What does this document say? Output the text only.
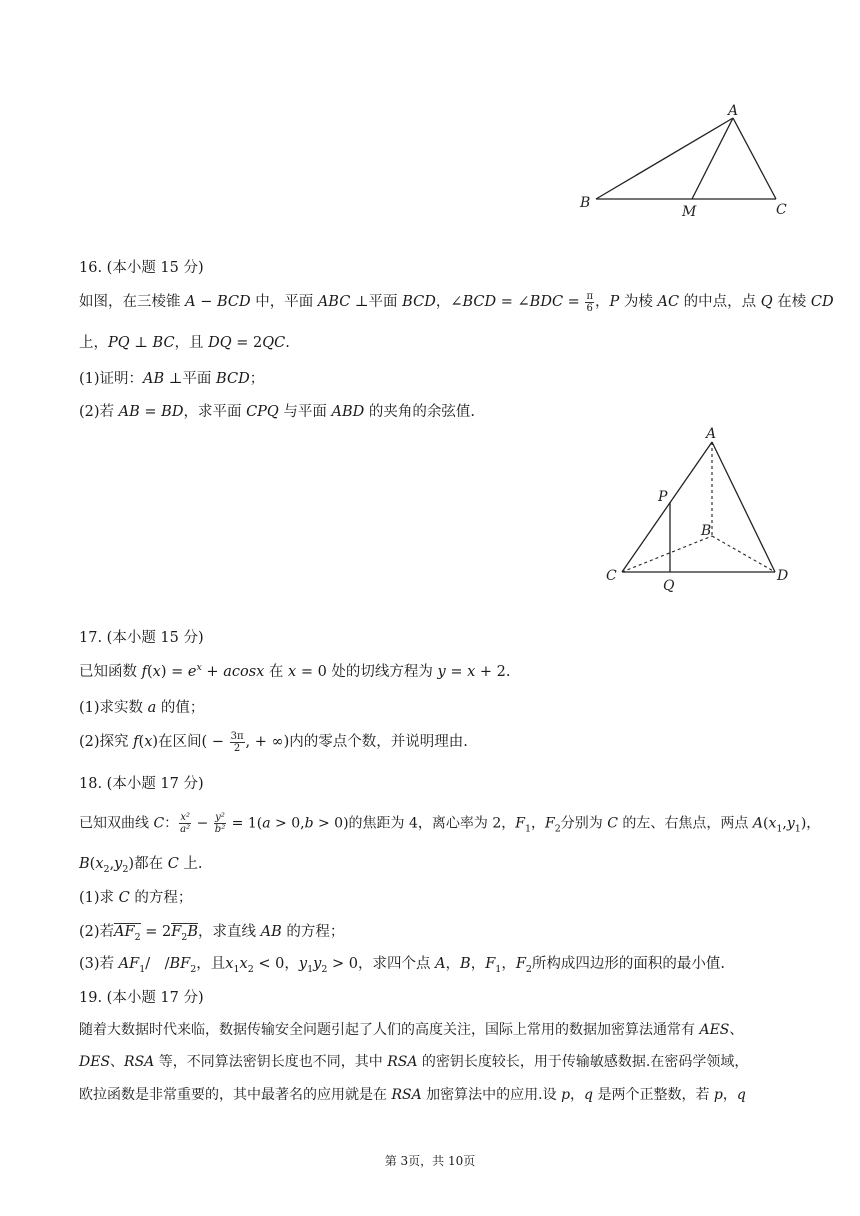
A
B
M	C
16. (本小题 15 分)
如图，在三棱锥 A − BCD 中，平面 ABC ⊥平面 BCD，∠BCD = ∠BDC = $\frac{\pi}{6}$ ，P 为棱 AC 的中点，点 Q 在棱 CD
上，PQ ⊥ BC，且 DQ = 2QC.
(1)证明：AB ⊥平面 BCD；
(2)若 AB = BD，求平面 CPQ 与平面 ABD 的夹角的余弦值.
A
P
B
C
Q
D
17. (本小题 15 分)
已知函数 $f(x) = e^x + acosx$ 在 x = 0 处的切线方程为 y = x + 2.
(1)求实数 a 的值；
(2)探究 f(x)在区间( − $\frac{3\pi}{2}$ , + ∞)内的零点个数，并说明理由.
18. (本小题 17 分)
已知双曲线 C： $\frac{\text{x²}}{\text{a²}} - \frac{\text{y²}}{\text{b²}} = 1(a > 0,b > 0)$的焦距为 4，离心率为 2，$F_1$，$F_2$分别为 C 的左、右焦点，两点 $A(x_1,y_1)$，
$B(x_2,y_2)$都在 C 上.
(1)求 C 的方程；
(2)若$AF_2 = 2F_2B$，求直线 AB 的方程；
(3)若 $AF_1/$　$/BF_2$，且$x_1x_2 < 0$，$y_1y_2 > 0$，求四个点 A，B，$F_1$，$F_2$所构成四边形的面积的最小值.
19. (本小题 17 分)
随着大数据时代来临，数据传输安全问题引起了人们的高度关注，国际上常用的数据加密算法通常有 AES、
DES、RSA 等，不同算法密钥长度也不同，其中 RSA 的密钥长度较长，用于传输敏感数据.在密码学领域，
欧拉函数是非常重要的，其中最著名的应用就是在 RSA 加密算法中的应用.设 p，q 是两个正整数，若 p，q
第 3页，共 10页
